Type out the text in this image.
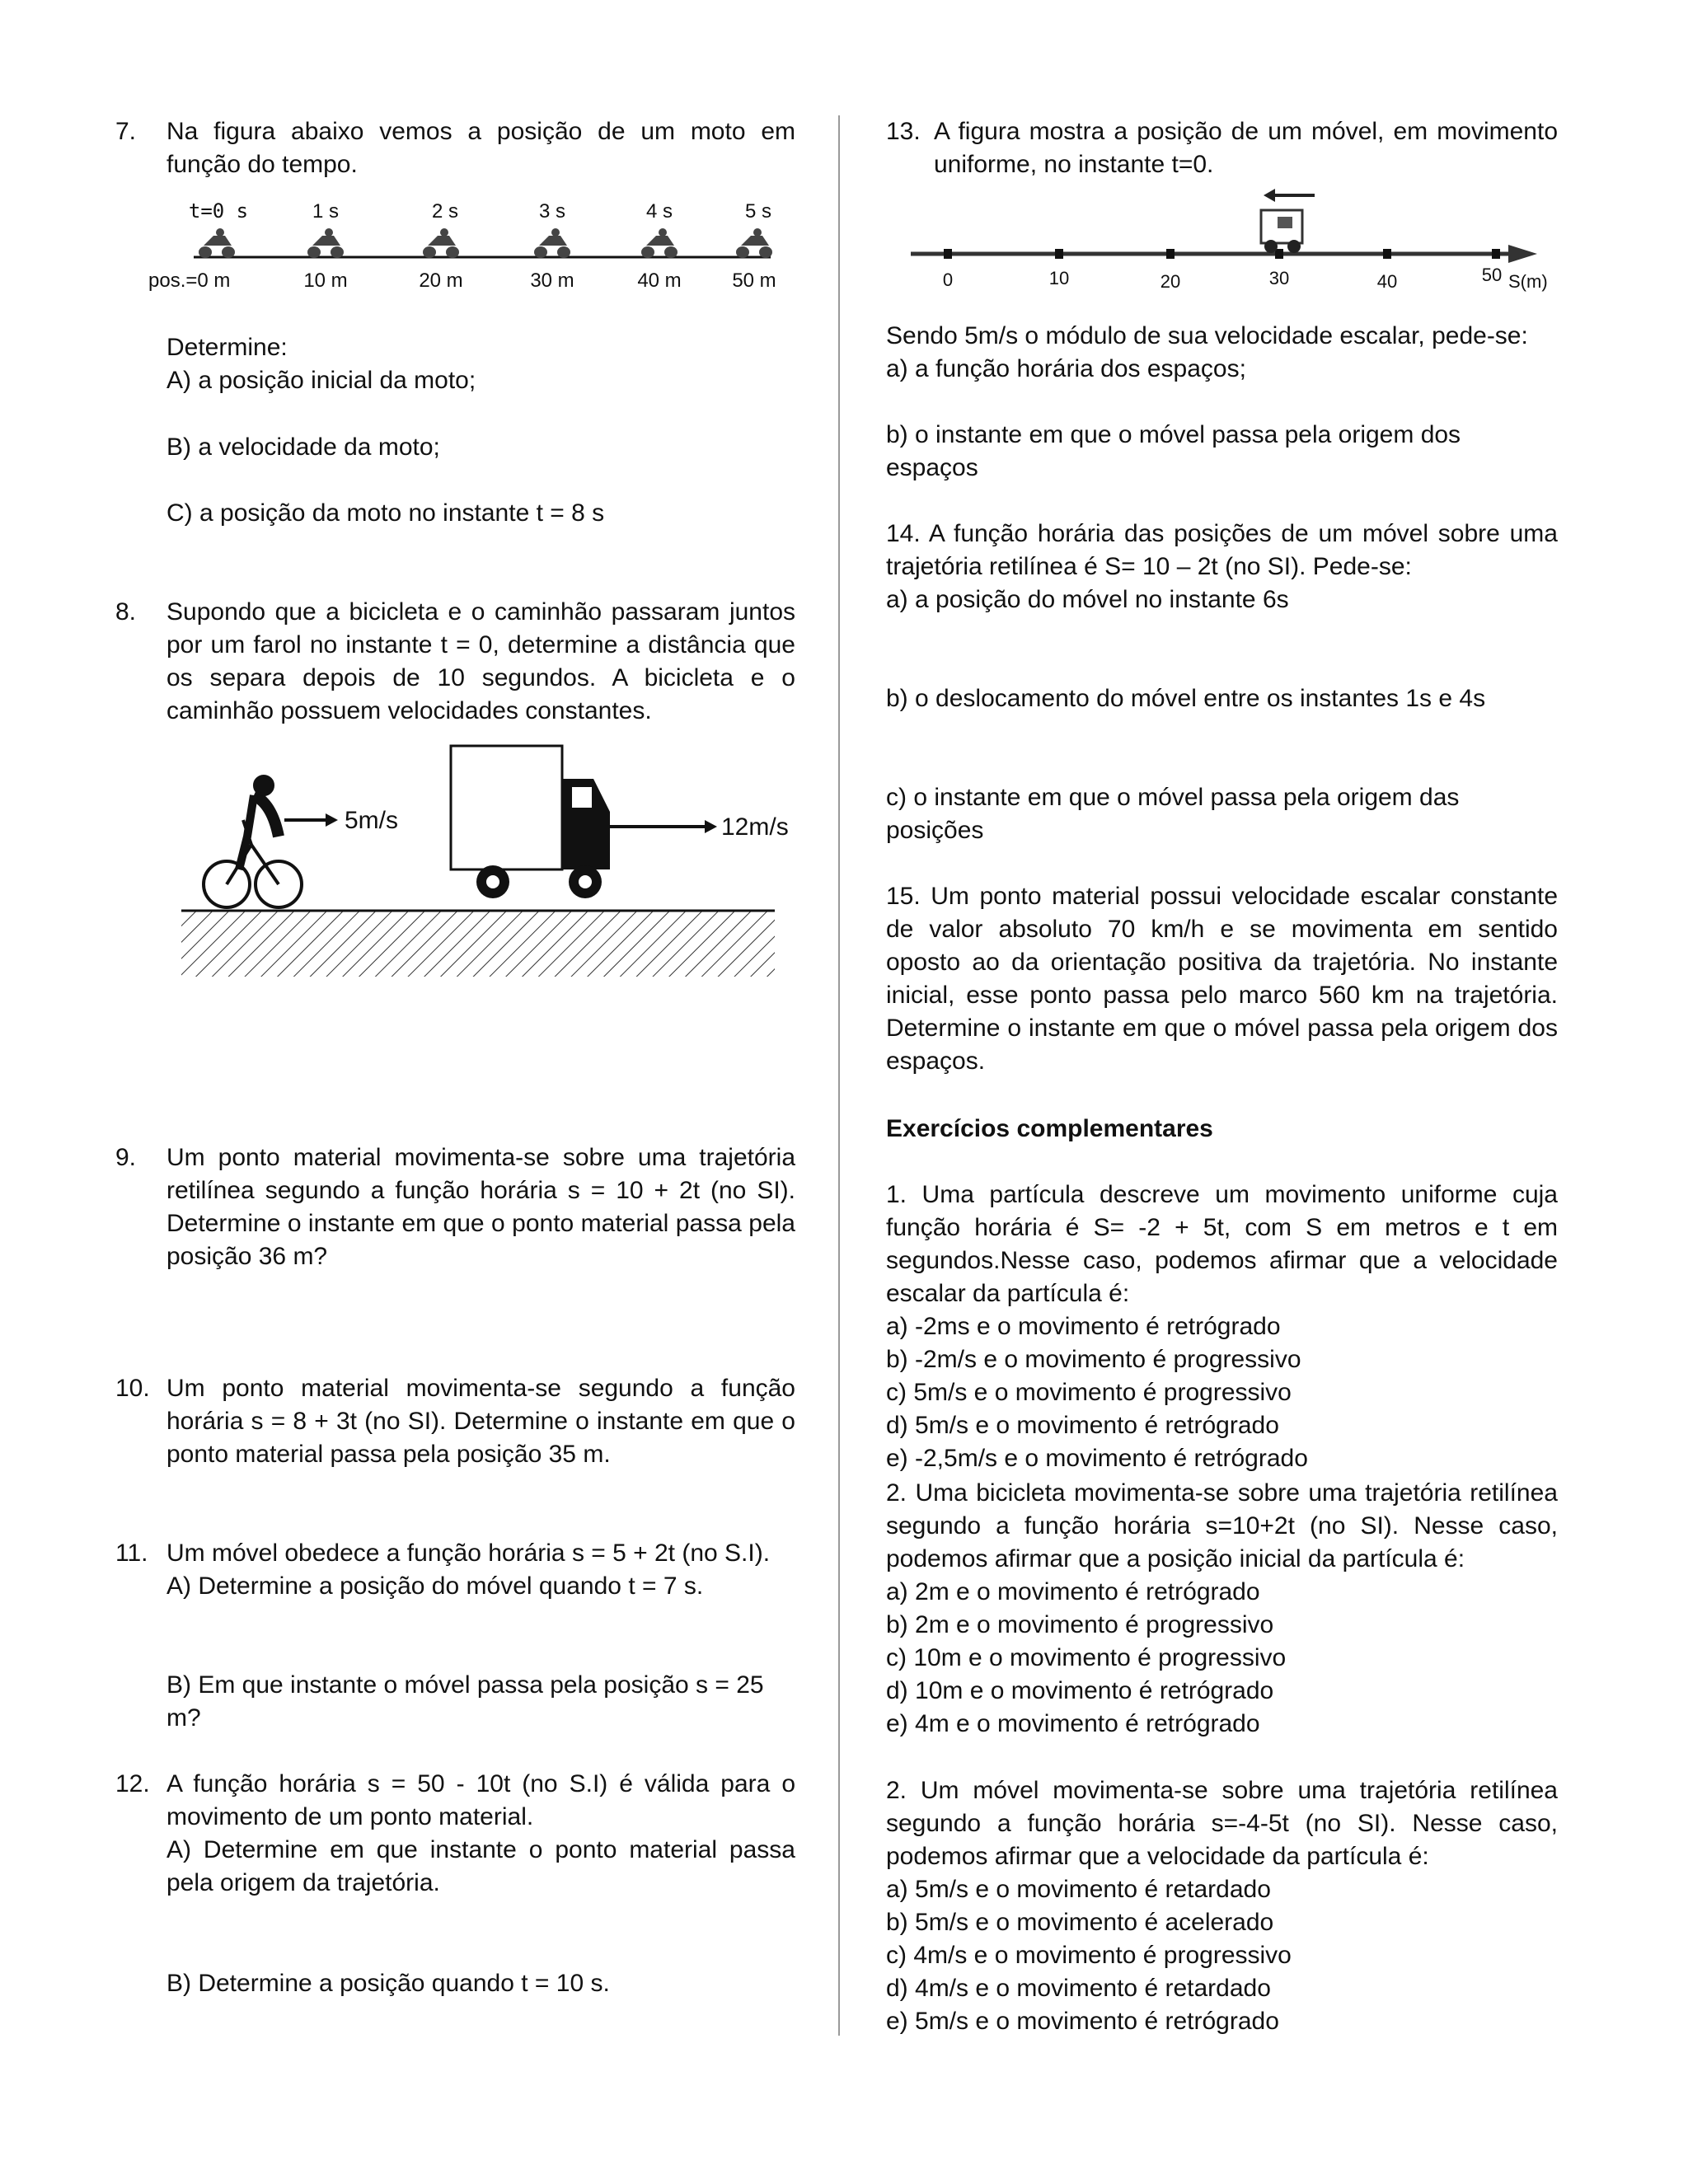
7. Na figura abaixo vemos a posição de um moto em função do tempo.

t=0 s	1 s	2 s	3 s	4 s	5 s
pos.=0 m	10 m	20 m	30 m	40 m	50 m

Determine:

A) a posição inicial da moto;

B) a velocidade da moto;

C) a posição da moto no instante t = 8 s

8. Supondo que a bicicleta e o caminhão passaram juntos por um farol no instante t = 0, determine a distância que os separa depois de 10 segundos. A bicicleta e o caminhão possuem velocidades constantes.

5m/s	12m/s
9. Um ponto material movimenta-se sobre uma trajetória retilínea segundo a função horária s = 10 + 2t (no SI). Determine o instante em que o ponto material passa pela posição 36 m?

10. Um ponto material movimenta-se segundo a função horária s = 8 + 3t (no SI). Determine o instante em que o ponto material passa pela posição 35 m.

11. Um móvel obedece a função horária s = 5 + 2t (no S.I).

A) Determine a posição do móvel quando t = 7 s.

B) Em que instante o móvel passa pela posição s = 25 m?

12. A função horária s = 50 - 10t (no S.I) é válida para o movimento de um ponto material.

A) Determine em que instante o ponto material passa pela origem da trajetória.

B) Determine a posição quando t = 10 s.

13. A figura mostra a posição de um móvel, em movimento uniforme, no instante t=0.

0	10	20	30	40	50 S(m)

Sendo 5m/s o módulo de sua velocidade escalar, pede-se:

a) a função horária dos espaços;

b) o instante em que o móvel passa pela origem dos espaços

14. A função horária das posições de um móvel sobre uma trajetória retilínea é S= 10 – 2t (no SI). Pede-se:

a) a posição do móvel no instante 6s

b) o deslocamento do móvel entre os instantes 1s e 4s

c) o instante em que o móvel passa pela origem das posições

15. Um ponto material possui velocidade escalar constante de valor absoluto 70 km/h e se movimenta em sentido oposto ao da orientação positiva da trajetória. No instante inicial, esse ponto passa pelo marco 560 km na trajetória. Determine o instante em que o móvel passa pela origem dos espaços.

Exercícios complementares

1. Uma partícula descreve um movimento uniforme cuja função horária é S= -2 + 5t, com S em metros e t em segundos.Nesse caso, podemos afirmar que a velocidade escalar da partícula é:

a) -2ms e o movimento é retrógrado

b) -2m/s e o movimento é progressivo

c) 5m/s e o movimento é progressivo

d) 5m/s e o movimento é retrógrado

e) -2,5m/s e o movimento é retrógrado

2. Uma bicicleta movimenta-se sobre uma trajetória retilínea segundo a função horária s=10+2t (no SI). Nesse caso, podemos afirmar que a posição inicial da partícula é:

a) 2m e o movimento é retrógrado

b) 2m e o movimento é progressivo

c) 10m e o movimento é progressivo

d) 10m e o movimento é retrógrado

e) 4m e o movimento é retrógrado

2. Um móvel movimenta-se sobre uma trajetória retilínea segundo a função horária s=-4-5t (no SI). Nesse caso, podemos afirmar que a velocidade da partícula é:

a) 5m/s e o movimento é retardado

b) 5m/s e o movimento é acelerado

c) 4m/s e o movimento é progressivo

d) 4m/s e o movimento é retardado

e) 5m/s e o movimento é retrógrado
